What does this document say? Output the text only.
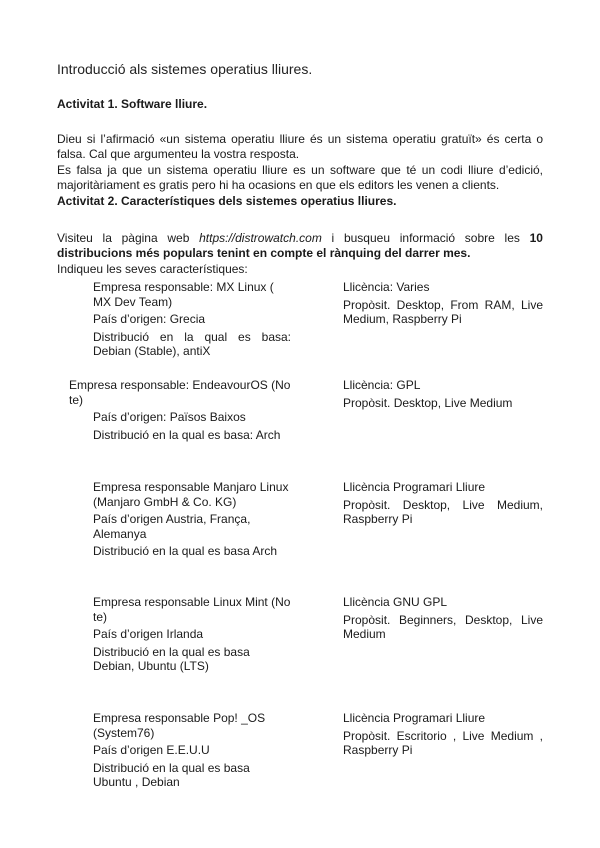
Introducció als sistemes operatius lliures.
Activitat 1. Software lliure.
Dieu si l’afirmació «un sistema operatiu lliure és un sistema operatiu gratuït» és certa o falsa. Cal que argumenteu la vostra resposta.
Es falsa ja que un sistema operatiu lliure es un software que té un codi lliure d’edició, majoritàriament es gratis pero hi ha ocasions en que els editors les venen a clients.
Activitat 2. Característiques dels sistemes operatius lliures.
Visiteu la pàgina web https://distrowatch.com i busqueu informació sobre les 10 distribucions més populars tenint en compte el rànquing del darrer mes.
Indiqueu les seves característiques:
Empresa responsable: MX Linux ( MX Dev Team)
País d’origen: Grecia
Distribució en la qual es basa: Debian (Stable), antiX
Llicència: Varies
Propòsit. Desktop, From RAM, Live Medium, Raspberry Pi
Empresa responsable: EndeavourOS (No te)
País d’origen: Països Baixos
Distribució en la qual es basa: Arch
Llicència: GPL
Propòsit. Desktop, Live Medium
Empresa responsable Manjaro Linux (Manjaro GmbH & Co. KG)
País d’origen Austria, França, Alemanya
Distribució en la qual es basa Arch
Llicència Programari Lliure
Propòsit. Desktop, Live Medium, Raspberry Pi
Empresa responsable Linux Mint (No te)
País d’origen Irlanda
Distribució en la qual es basa Debian, Ubuntu (LTS)
Llicència GNU GPL
Propòsit. Beginners, Desktop, Live Medium
Empresa responsable Pop! _OS (System76)
País d’origen E.E.U.U
Distribució en la qual es basa Ubuntu , Debian
Llicència Programari Lliure
Propòsit. Escritorio , Live Medium , Raspberry Pi
